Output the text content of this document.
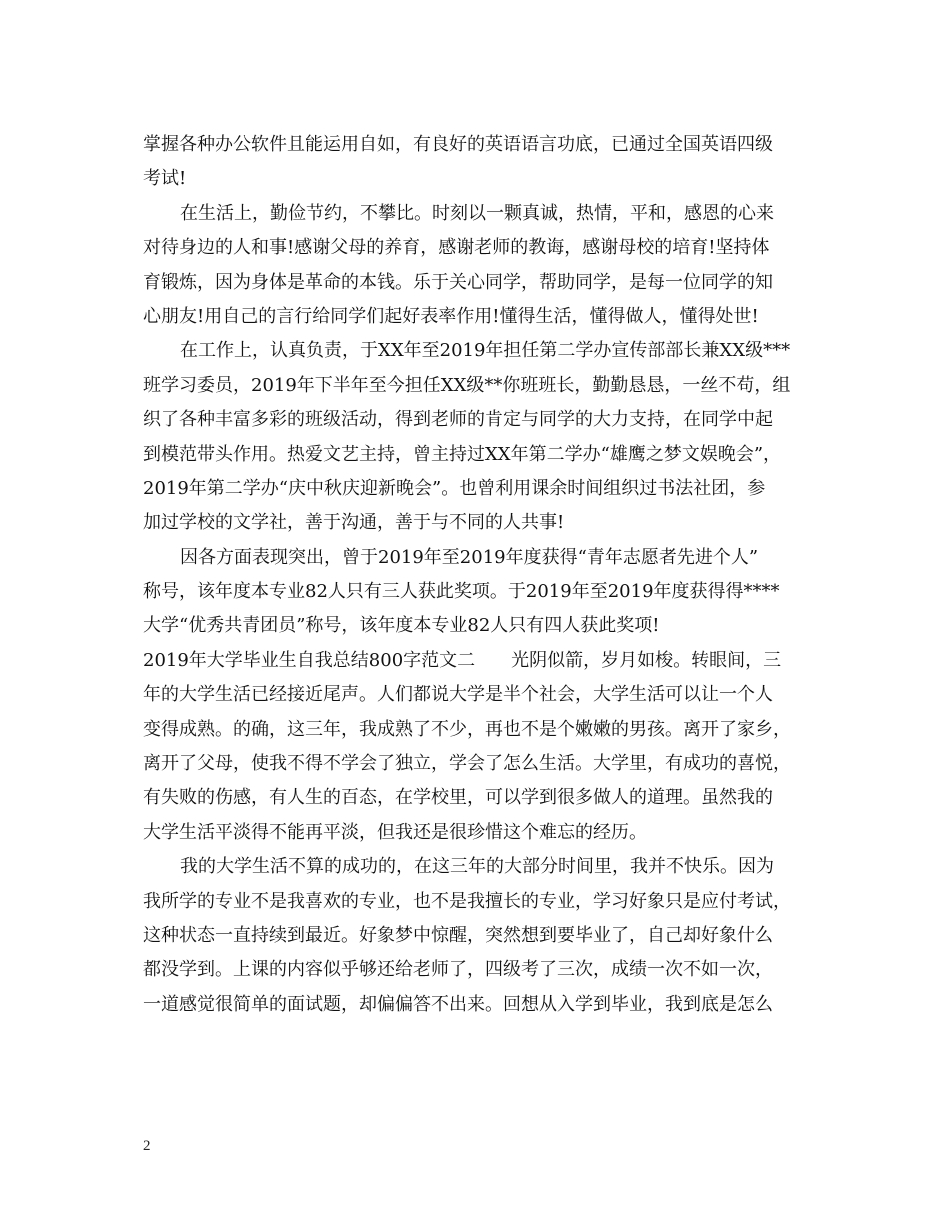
掌握各种办公软件且能运用自如，有良好的英语语言功底，已通过全国英语四级
考试!
在生活上，勤俭节约，不攀比。时刻以一颗真诚，热情，平和，感恩的心来
对待身边的人和事!感谢父母的养育，感谢老师的教诲，感谢母校的培育!坚持体
育锻炼，因为身体是革命的本钱。乐于关心同学，帮助同学，是每一位同学的知
心朋友!用自己的言行给同学们起好表率作用!懂得生活，懂得做人，懂得处世!
在工作上，认真负责，于XX年至2019年担任第二学办宣传部部长兼XX级***
班学习委员，2019年下半年至今担任XX级**你班班长，勤勤恳恳，一丝不苟，组
织了各种丰富多彩的班级活动，得到老师的肯定与同学的大力支持，在同学中起
到模范带头作用。热爱文艺主持，曾主持过XX年第二学办“雄鹰之梦文娱晚会”，
2019年第二学办“庆中秋庆迎新晚会”。也曾利用课余时间组织过书法社团，参
加过学校的文学社，善于沟通，善于与不同的人共事!
因各方面表现突出，曾于2019年至2019年度获得“青年志愿者先进个人”
称号，该年度本专业82人只有三人获此奖项。于2019年至2019年度获得得****
大学“优秀共青团员”称号，该年度本专业82人只有四人获此奖项!
2019年大学毕业生自我总结800字范文二　　光阴似箭，岁月如梭。转眼间，三
年的大学生活已经接近尾声。人们都说大学是半个社会，大学生活可以让一个人
变得成熟。的确，这三年，我成熟了不少，再也不是个嫩嫩的男孩。离开了家乡，
离开了父母，使我不得不学会了独立，学会了怎么生活。大学里，有成功的喜悦，
有失败的伤感，有人生的百态，在学校里，可以学到很多做人的道理。虽然我的
大学生活平淡得不能再平淡，但我还是很珍惜这个难忘的经历。
我的大学生活不算的成功的，在这三年的大部分时间里，我并不快乐。因为
我所学的专业不是我喜欢的专业，也不是我擅长的专业，学习好象只是应付考试，
这种状态一直持续到最近。好象梦中惊醒，突然想到要毕业了，自己却好象什么
都没学到。上课的内容似乎够还给老师了，四级考了三次，成绩一次不如一次，
一道感觉很简单的面试题，却偏偏答不出来。回想从入学到毕业，我到底是怎么
2
